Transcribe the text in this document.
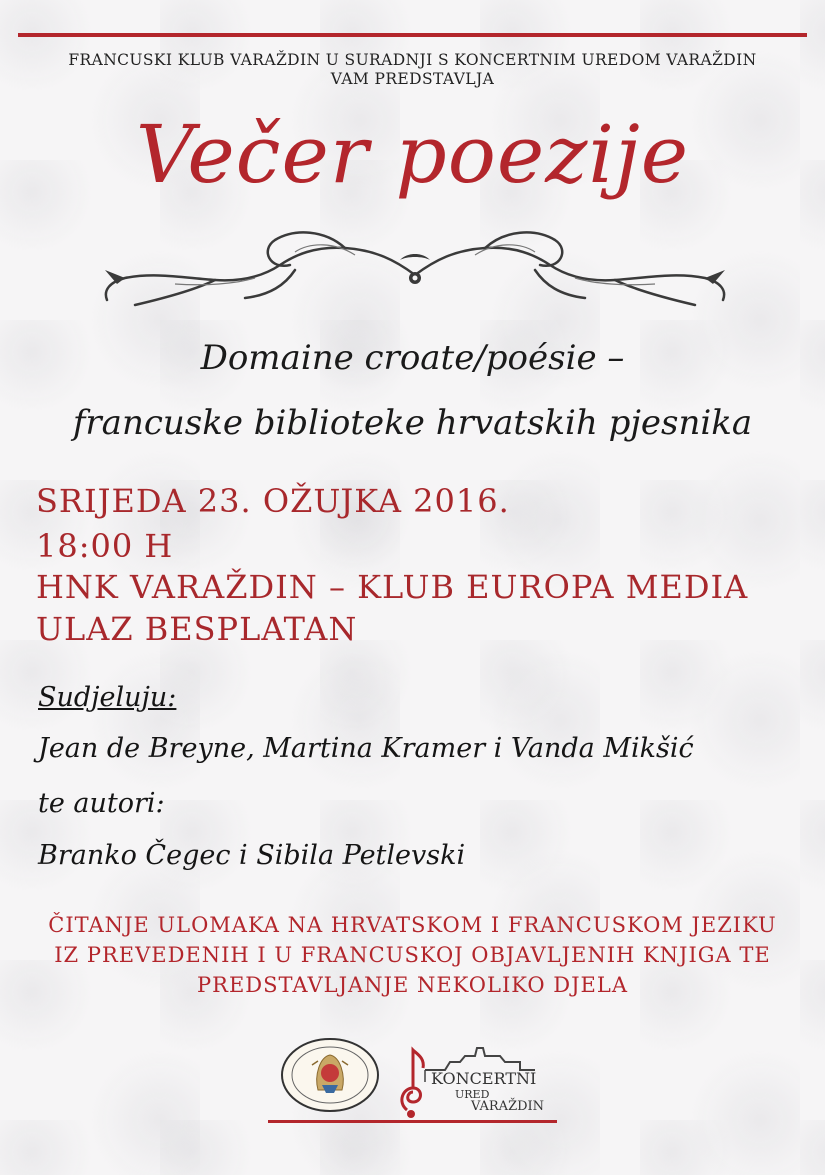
FRANCUSKI KLUB VARAŽDIN U SURADNJI S KONCERTNIM UREDOM VARAŽDIN
VAM PREDSTAVLJA
Večer poezije
Domaine croate/poésie –
francuske biblioteke hrvatskih pjesnika
SRIJEDA 23. OŽUJKA 2016.
18:00 H
HNK VARAŽDIN – KLUB EUROPA MEDIA
ULAZ BESPLATAN
Sudjeluju:
Jean de Breyne, Martina Kramer i Vanda Mikšić
te autori:
Branko Čegec i Sibila Petlevski
ČITANJE ULOMAKA NA HRVATSKOM I FRANCUSKOM JEZIKU
IZ PREVEDENIH I U FRANCUSKOJ OBJAVLJENIH KNJIGA TE
PREDSTAVLJANJE NEKOLIKO DJELA
KONCERTNI
URED
VARAŽDIN
